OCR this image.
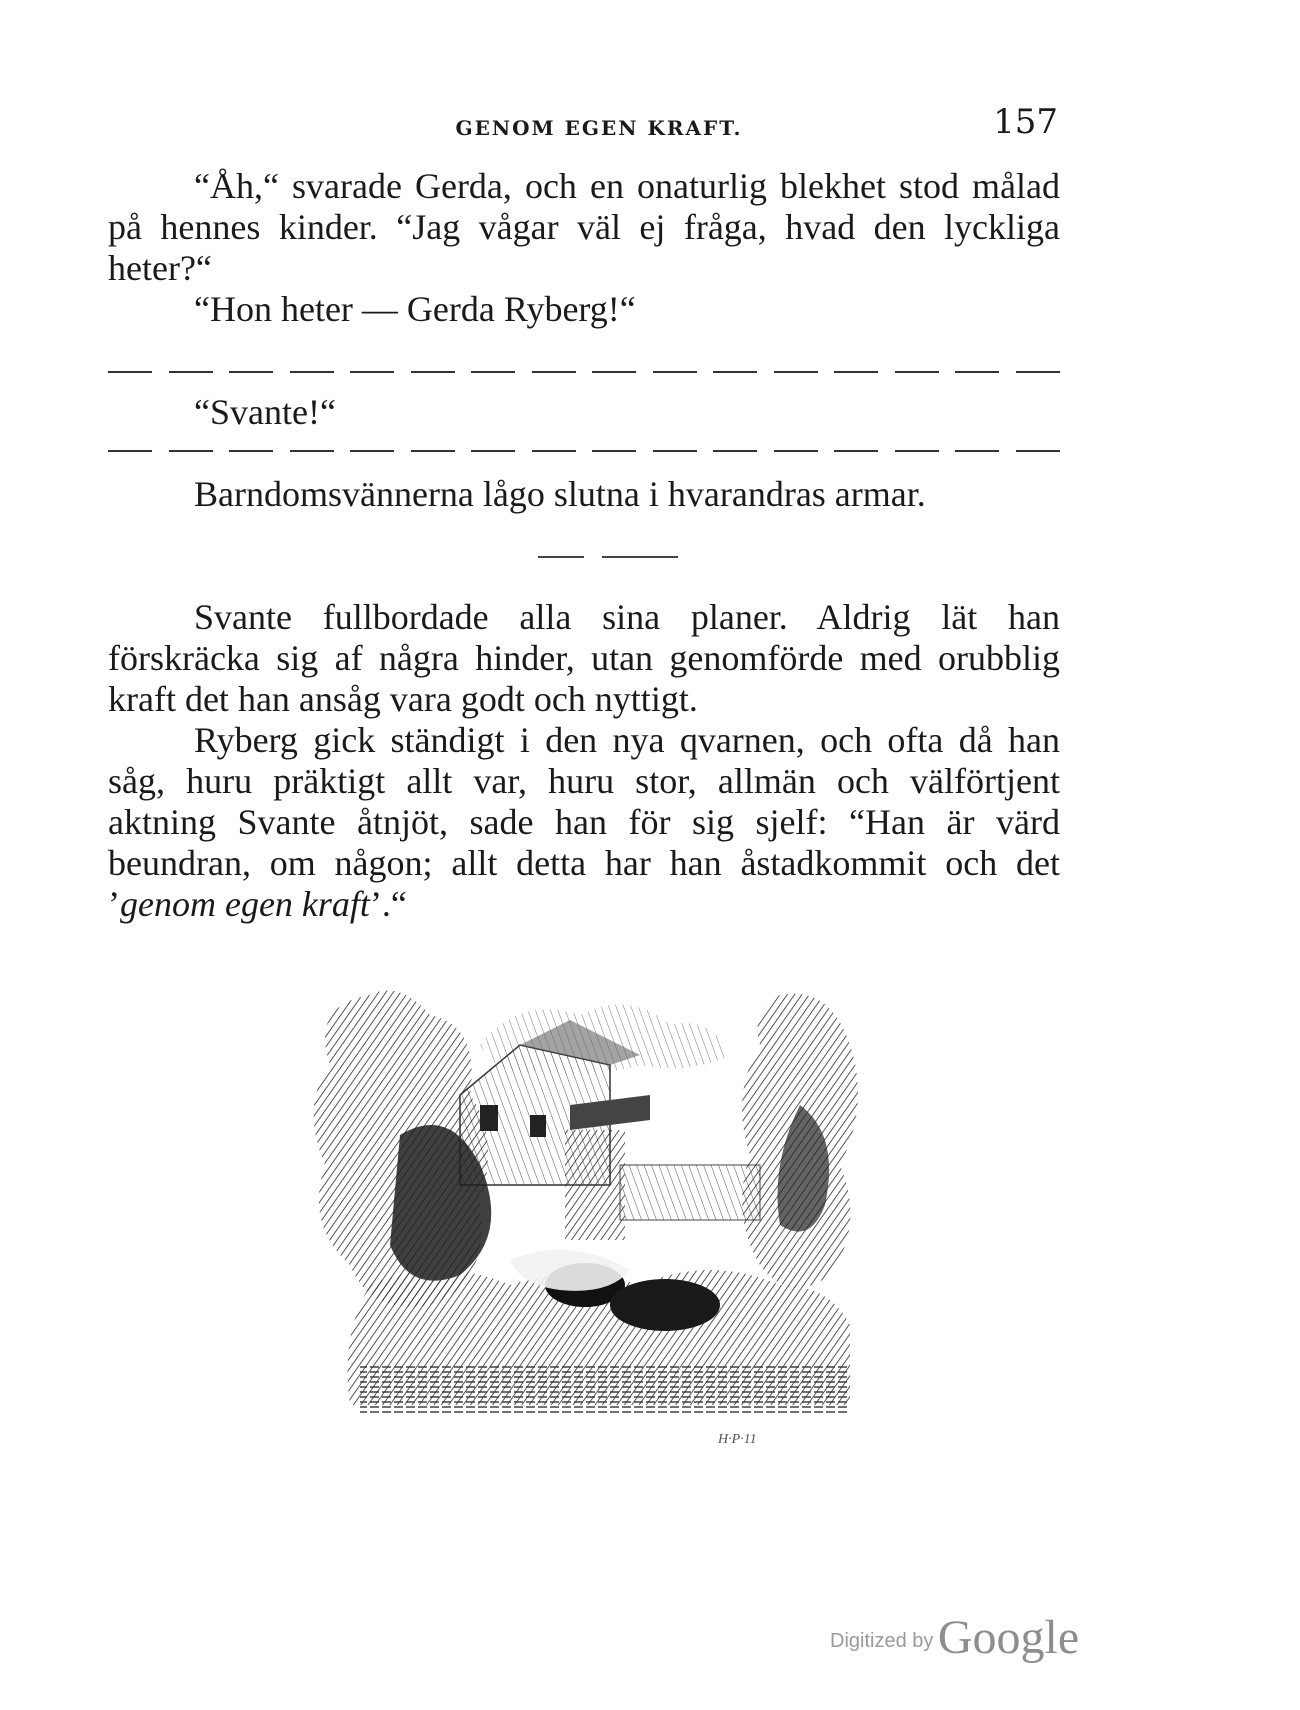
GENOM EGEN KRAFT.	157

“Åh,“ svarade Gerda, och en onaturlig blekhet stod målad på hennes kinder. “Jag vågar väl ej fråga, hvad den lyckliga heter?“

“Hon heter — Gerda Ryberg!“

“Svante!“

Barndomsvännerna lågo slutna i hvarandras armar.

Svante fullbordade alla sina planer. Aldrig lät han förskräcka sig af några hinder, utan genomförde med orubblig kraft det han ansåg vara godt och nyttigt.

Ryberg gick ständigt i den nya qvarnen, och ofta då han såg, huru präktigt allt var, huru stor, allmän och välförtjent aktning Svante åtnjöt, sade han för sig sjelf: “Han är värd beundran, om någon; allt detta har han åstadkommit och det ’genom egen kraft’.“

H·P·11
Digitized by Google
